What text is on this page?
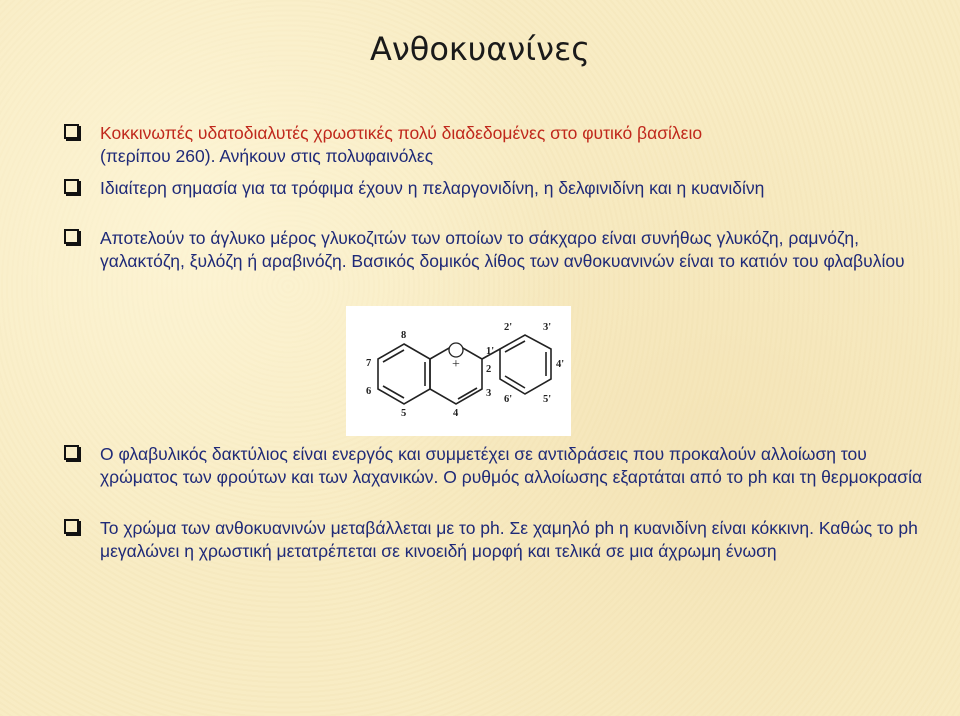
Ανθοκυανίνες
Κοκκινωπές υδατοδιαλυτές χρωστικές πολύ διαδεδομένες στο φυτικό βασίλειο
(περίπου 260). Ανήκουν στις πολυφαινόλες
Ιδιαίτερη σημασία για τα τρόφιμα έχουν η πελαργονιδίνη, η δελφινιδίνη και η κυανιδίνη
Αποτελούν το άγλυκο μέρος γλυκοζιτών των οποίων το σάκχαρο είναι συνήθως γλυκόζη, ραμνόζη, γαλακτόζη, ξυλόζη ή αραβινόζη. Βασικός δομικός λίθος των ανθοκυανινών είναι το κατιόν του φλαβυλίου
8
7
6
5	4
+
1'
2
3
2'	3'
4'
5'
6'
Ο φλαβυλικός δακτύλιος είναι ενεργός και συμμετέχει σε αντιδράσεις που προκαλούν αλλοίωση του χρώματος των φρούτων και των λαχανικών. Ο ρυθμός αλλοίωσης εξαρτάται από το ph και τη θερμοκρασία
Το χρώμα των ανθοκυανινών μεταβάλλεται με το ph. Σε χαμηλό ph η κυανιδίνη είναι κόκκινη. Καθώς το ph μεγαλώνει η χρωστική μετατρέπεται σε κινοειδή μορφή και τελικά σε μια άχρωμη ένωση
